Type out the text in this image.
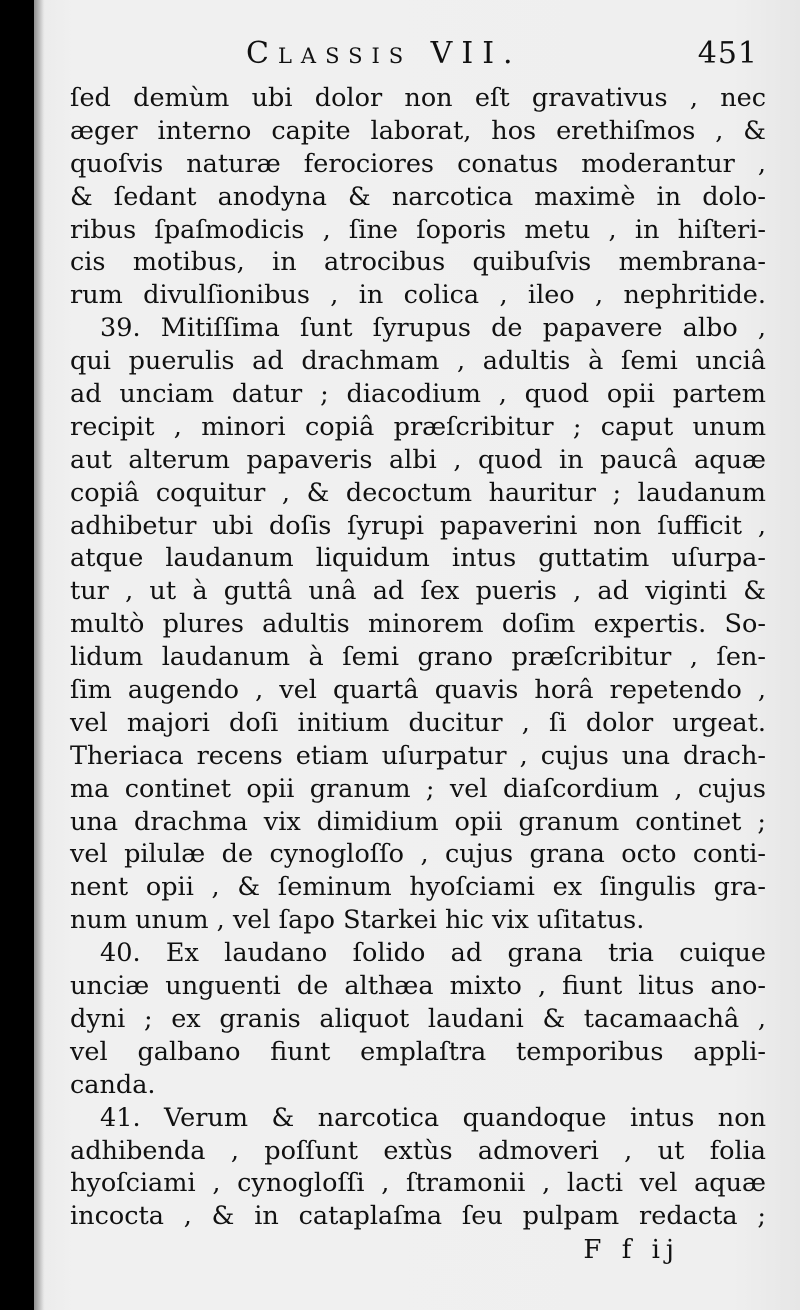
Classis VII.	451
ſed demùm ubi dolor non eſt gravativus , nec
æger interno capite laborat, hos erethiſmos , &
quoſvis naturæ ferociores conatus moderantur ,
& ſedant anodyna & narcotica maximè in dolo-
ribus ſpaſmodicis , ſine ſoporis metu , in hiſteri-
cis motibus, in atrocibus quibuſvis membrana-
rum divulſionibus , in colica , ileo , nephritide.
39. Mitiſſima ſunt ſyrupus de papavere albo ,
qui puerulis ad drachmam , adultis à ſemi unciâ
ad unciam datur ; diacodium , quod opii partem
recipit , minori copiâ præſcribitur ; caput unum
aut alterum papaveris albi , quod in paucâ aquæ
copiâ coquitur , & decoctum hauritur ; laudanum
adhibetur ubi doſis ſyrupi papaverini non ſufficit ,
atque laudanum liquidum intus guttatim uſurpa-
tur , ut à guttâ unâ ad ſex pueris , ad viginti &
multò plures adultis minorem doſim expertis. So-
lidum laudanum à ſemi grano præſcribitur , ſen-
ſim augendo , vel quartâ quavis horâ repetendo ,
vel majori doſi initium ducitur , ſi dolor urgeat.
Theriaca recens etiam uſurpatur , cujus una drach-
ma continet opii granum ; vel diaſcordium , cujus
una drachma vix dimidium opii granum continet ;
vel pilulæ de cynogloſſo , cujus grana octo conti-
nent opii , & ſeminum hyoſciami ex ſingulis gra-
num unum , vel ſapo Starkei hic vix uſitatus.
40. Ex laudano ſolido ad grana tria cuique
unciæ unguenti de althæa mixto , fiunt litus ano-
dyni ; ex granis aliquot laudani & tacamaachâ ,
vel galbano fiunt emplaſtra temporibus appli-
canda.
41. Verum & narcotica quandoque intus non
adhibenda , poſſunt extùs admoveri , ut folia
hyoſciami , cynogloſſi , ſtramonii , lacti vel aquæ
incocta , & in cataplaſma ſeu pulpam redacta ;
F f ij
